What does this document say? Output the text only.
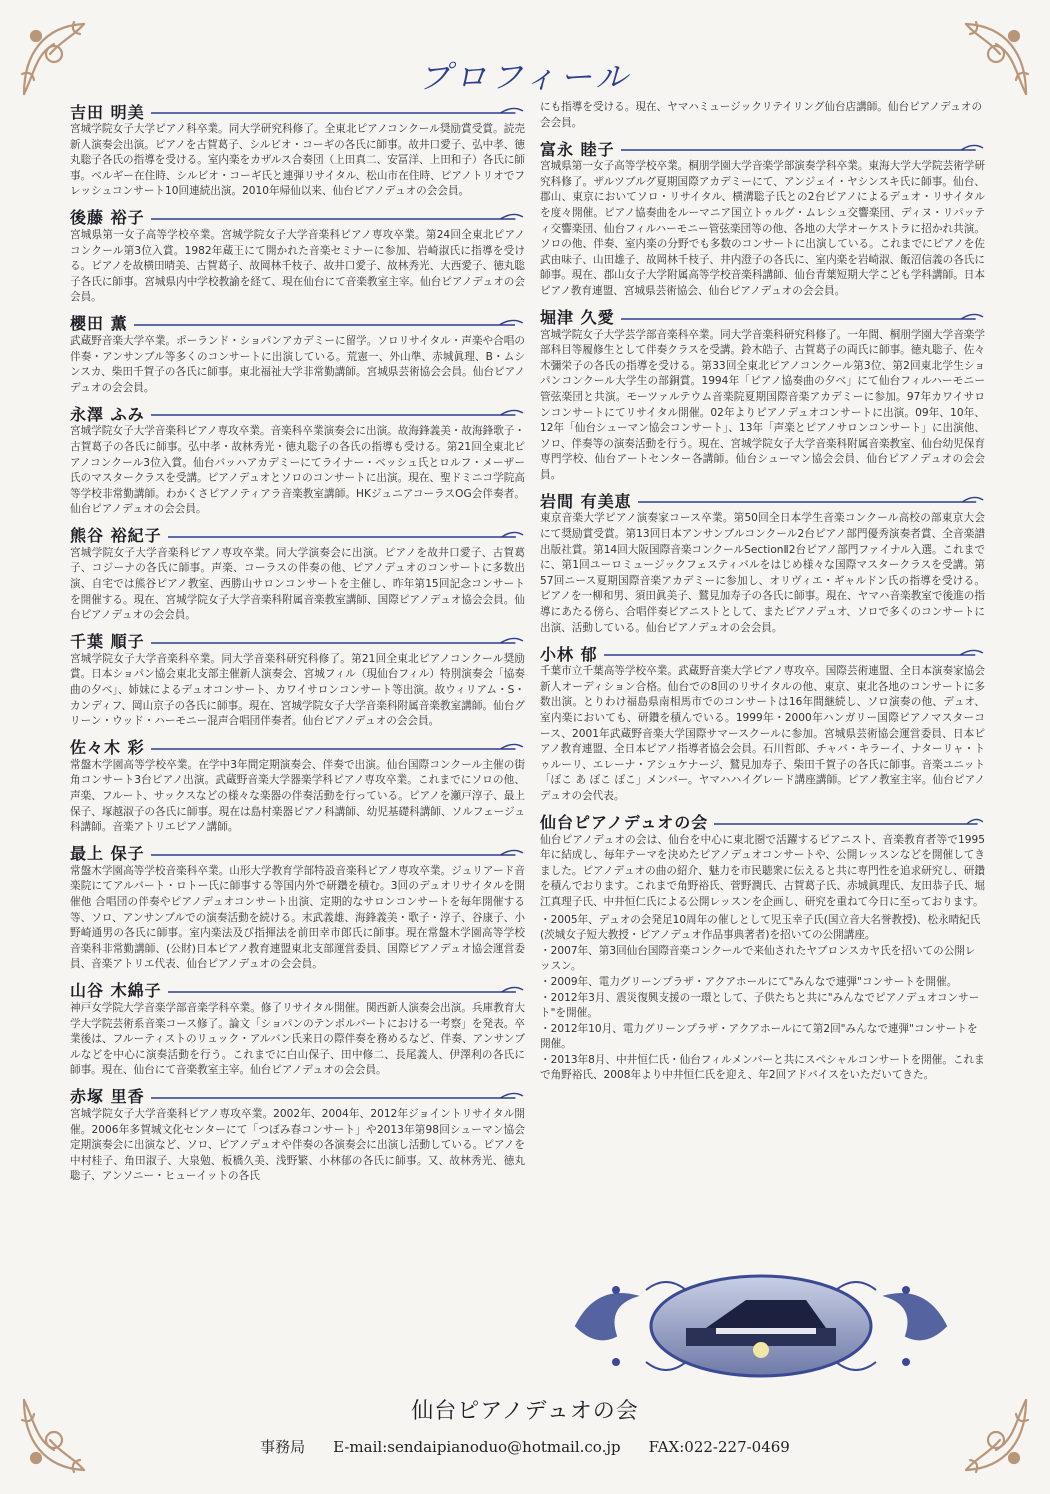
プロフィール
吉田 明美
宮城学院女子大学ピアノ科卒業。同大学研究科修了。全東北ピアノコンクール奨励賞受賞。読売新人演奏会出演。ピアノを古賀葛子、シルビオ・コーギの各氏に師事。故井口愛子、弘中孝、徳丸聡子各氏の指導を受ける。室内楽をカザルス合奏団（上田真二、安冨洋、上田和子）各氏に師事。ベルギー在住時、シルビオ・コーギ氏と連弾リサイタル、松山市在住時、ピアノトリオでフレッシュコンサート10回連続出演。2010年帰仙以来、仙台ピアノデュオの会会員。
後藤 裕子
宮城県第一女子高等学校卒業。宮城学院女子大学音楽科ピアノ専攻卒業。第24回全東北ピアノコンクール第3位入賞。1982年蔵王にて開かれた音楽セミナーに参加、岩崎淑氏に指導を受ける。ピアノを故横田晴美、古賀葛子、故岡林千枝子、故井口愛子、故林秀光、大西愛子、徳丸聡子各氏に師事。宮城県内中学校教諭を経て、現在仙台にて音楽教室主宰。仙台ピアノデュオの会会員。
櫻田 薫
武蔵野音楽大学卒業。ポーランド・ショパンアカデミーに留学。ソロリサイタル・声楽や合唱の伴奏・アンサンブル等多くのコンサートに出演している。荒憲一、外山準、赤城眞理、B・ムシンスカ、柴田千賀子の各氏に師事。東北福祉大学非常勤講師。宮城県芸術協会会員。仙台ピアノデュオの会会員。
永澤 ふみ
宮城学院女子大学音楽科ピアノ専攻卒業。音楽科卒業演奏会に出演。故海鋒義美・故海鋒歌子・古賀葛子の各氏に師事。弘中孝・故林秀光・徳丸聡子の各氏の指導も受ける。第21回全東北ピアノコンクール3位入賞。仙台バッハアカデミーにてライナー・ベッシュ氏とロルフ・メーザー氏のマスタークラスを受講。ピアノデュオとソロのコンサートに出演。現在、聖ドミニコ学院高等学校非常勤講師。わかくさピアノティアラ音楽教室講師。HKジュニアコーラスOG会伴奏者。仙台ピアノデュオの会会員。
熊谷 裕紀子
宮城学院女子大学音楽科ピアノ専攻卒業。同大学演奏会に出演。ピアノを故井口愛子、古賀葛子、コジーナの各氏に師事。声楽、コーラスの伴奏の他、ピアノデュオのコンサートに多数出演、自宅では熊谷ピアノ教室、西勝山サロンコンサートを主催し、昨年第15回記念コンサートを開催する。現在、宮城学院女子大学音楽科附属音楽教室講師、国際ピアノデュオ協会会員。仙台ピアノデュオの会会員。
千葉 順子
宮城学院女子大学音楽科卒業。同大学音楽科研究科修了。第21回全東北ピアノコンクール奨励賞。日本ショパン協会東北支部主催新人演奏会、宮城フィル（現仙台フィル）特別演奏会「協奏曲の夕べ」、姉妹によるデュオコンサート、カワイサロンコンサート等出演。故ウィリアム・S・カンディフ、岡山京子の各氏に師事。現在、宮城学院女子大学音楽科附属音楽教室講師。仙台グリーン・ウッド・ハーモニー混声合唱団伴奏者。仙台ピアノデュオの会会員。
佐々木 彩
常盤木学園高等学校卒業。在学中3年間定期演奏会、伴奏で出演。仙台国際コンクール主催の街角コンサート3台ピアノ出演。武蔵野音楽大学器楽学科ピアノ専攻卒業。これまでにソロの他、声楽、フルート、サックスなどの様々な楽器の伴奏活動を行っている。ピアノを瀬戸淳子、最上保子、塚越淑子の各氏に師事。現在は島村楽器ピアノ科講師、幼児基礎科講師、ソルフェージュ科講師。音楽アトリエピアノ講師。
最上 保子
常盤木学園高等学校音楽科卒業。山形大学教育学部特設音楽科ピアノ専攻卒業。ジュリアード音楽院にてアルバート・ロトー氏に師事する等国内外で研鑽を積む。3回のデュオリサイタルを開催他 合唱団の伴奏やピアノデュオコンサート出演、定期的なサロンコンサートを毎年開催する等、ソロ、アンサンブルでの演奏活動を続ける。末武義雄、海鋒義美・歌子・淳子、谷康子、小野崎通男の各氏に師事。室内楽法及び指揮法を前田幸市郎氏に師事。現在常盤木学園高等学校音楽科非常勤講師、(公財)日本ピアノ教育連盟東北支部運営委員、国際ピアノデュオ協会運営委員、音楽アトリエ代表、仙台ピアノデュオの会会員。
山谷 木綿子
神戸女学院大学音楽学部音楽学科卒業。修了リサイタル開催。関西新人演奏会出演。兵庫教育大学大学院芸術系音楽コース修了。論文「ショパンのテンポルバートにおける一考察」を発表。卒業後は、フルーティストのリュック・アルバン氏来日の際伴奏を務めるなど、伴奏、アンサンブルなどを中心に演奏活動を行う。これまでに白山保子、田中修二、長尾義人、伊澤利の各氏に師事。現在、仙台にて音楽教室主宰。仙台ピアノデュオの会会員。
赤塚 里香
宮城学院女子大学音楽科ピアノ専攻卒業。2002年、2004年、2012年ジョイントリサイタル開催。2006年多賀城文化センターにて「つぼみ春コンサート」や2013年第98回シューマン協会定期演奏会に出演など、ソロ、ピアノデュオや伴奏の各演奏会に出演し活動している。ピアノを中村桂子、角田淑子、大泉勉、板橋久美、浅野繁、小林郁の各氏に師事。又、故林秀光、徳丸聡子、アンソニー・ヒューイットの各氏
にも指導を受ける。現在、ヤマハミュージックリテイリング仙台店講師。仙台ピアノデュオの会会員。
富永 睦子
宮城県第一女子高等学校卒業。桐朋学園大学音楽学部演奏学科卒業。東海大学大学院芸術学研究科修了。ザルツブルグ夏期国際アカデミーにて、アンジェイ・ヤシンスキ氏に師事。仙台、郡山、東京においてソロ・リサイタル、横溝聡子氏との2台ピアノによるデュオ・リサイタルを度々開催。ピアノ協奏曲をルーマニア国立トゥルグ・ムレシュ交響楽団、ディヌ・リパッティ交響楽団、仙台フィルハーモニー管弦楽団等の他、各地の大学オーケストラに招かれ共演。ソロの他、伴奏、室内楽の分野でも多数のコンサートに出演している。これまでにピアノを佐武由味子、山田雄子、故岡林千枝子、井内澄子の各氏に、室内楽を岩崎淑、飯沼信義の各氏に師事。現在、郡山女子大学附属高等学校音楽科講師、仙台青葉短期大学こども学科講師。日本ピアノ教育連盟、宮城県芸術協会、仙台ピアノデュオの会会員。
堀津 久愛
宮城学院女子大学芸学部音楽科卒業。同大学音楽科研究科修了。一年間、桐朋学園大学音楽学部科目等履修生として伴奏クラスを受講。鈴木皓子、古賀葛子の両氏に師事。徳丸聡子、佐々木彌栄子の各氏の指導を受ける。第33回全東北ピアノコンクール第3位、第2回東北学生ショパンコンクール大学生の部銅賞。1994年「ピアノ協奏曲の夕べ」にて仙台フィルハーモニー管弦楽団と共演。モーツァルテウム音楽院夏期国際音楽アカデミーに参加。97年カワイサロンコンサートにてリサイタル開催。02年よりピアノデュオコンサートに出演。09年、10年、12年「仙台シューマン協会コンサート」、13年「声楽とピアノサロンコンサート」に出演他、ソロ、伴奏等の演奏活動を行う。現在、宮城学院女子大学音楽科附属音楽教室、仙台幼児保育専門学校、仙台アートセンター各講師。仙台シューマン協会会員、仙台ピアノデュオの会会員。
岩間 有美恵
東京音楽大学ピアノ演奏家コース卒業。第50回全日本学生音楽コンクール高校の部東京大会にて奨励賞受賞。第13回日本アンサンブルコンクール2台ピアノ部門優秀演奏者賞、全音楽譜出版社賞。第14回大阪国際音楽コンクールSectionⅡ2台ピアノ部門ファイナル入選。これまでに、第1回ユーロミュージックフェスティバルをはじめ様々な国際マスタークラスを受講。第57回ニース夏期国際音楽アカデミーに参加し、オリヴィエ・ギャルドン氏の指導を受ける。ピアノを一柳和男、須田眞美子、鷲見加寿子の各氏に師事。現在、ヤマハ音楽教室で後進の指導にあたる傍ら、合唱伴奏ピアニストとして、またピアノデュオ、ソロで多くのコンサートに出演、活動している。仙台ピアノデュオの会会員。
小林 郁
千葉市立千葉高等学校卒業。武蔵野音楽大学ピアノ専攻卒。国際芸術連盟、全日本演奏家協会新人オーディション合格。仙台での8回のリサイタルの他、東京、東北各地のコンサートに多数出演。とりわけ福島県南相馬市でのコンサートは16年間継続し、ソロ演奏の他、デュオ、室内楽においても、研鑽を積んでいる。1999年・2000年ハンガリー国際ピアノマスターコース、2001年武蔵野音楽大学国際サマースクールに参加。宮城県芸術協会運営委員、日本ピアノ教育連盟、全日本ピアノ指導者協会会員。石川哲郎、チャバ・キラーイ、ナターリャ・トゥルーリ、エレーナ・アシュケナージ、鷲見加寿子、柴田千賀子の各氏に師事。音楽ユニット「ぽこ あ ぽこ ぽこ」メンバー。ヤマハハイグレード講座講師。ピアノ教室主宰。仙台ピアノデュオの会代表。
仙台ピアノデュオの会
仙台ピアノデュオの会は、仙台を中心に東北圏で活躍するピアニスト、音楽教育者等で1995年に結成し、毎年テーマを決めたピアノデュオコンサートや、公開レッスンなどを開催してきました。ピアノデュオの曲の紹介、魅力を市民聴衆に伝えると共に専門性を追求研究し、研鑽を積んでおります。これまで角野裕氏、菅野潤氏、古賀葛子氏、赤城眞理氏、友田恭子氏、堀江真理子氏、中井恒仁氏による公開レッスンを企画し、研究を重ねて今日に至っております。
・2005年、デュオの会発足10周年の催しとして児玉幸子氏(国立音大名誉教授)、松永晴紀氏(茨城女子短大教授・ピアノデュオ作品事典著者)を招いての公開講座。
・2007年、第3回仙台国際音楽コンクールで来仙されたヤブロンスカヤ氏を招いての公開レッスン。
・2009年、電力グリーンプラザ・アクアホールにて"みんなで連弾"コンサートを開催。
・2012年3月、震災復興支援の一環として、子供たちと共に"みんなでピアノデュオコンサート"を開催。
・2012年10月、電力グリーンプラザ・アクアホールにて第2回"みんなで連弾"コンサートを開催。
・2013年8月、中井恒仁氏・仙台フィルメンバーと共にスペシャルコンサートを開催。これまで角野裕氏、2008年より中井恒仁氏を迎え、年2回アドバイスをいただいてきた。
仙台ピアノデュオの会
事務局 E-mail:sendaipianoduo@hotmail.co.jp FAX:022-227-0469
